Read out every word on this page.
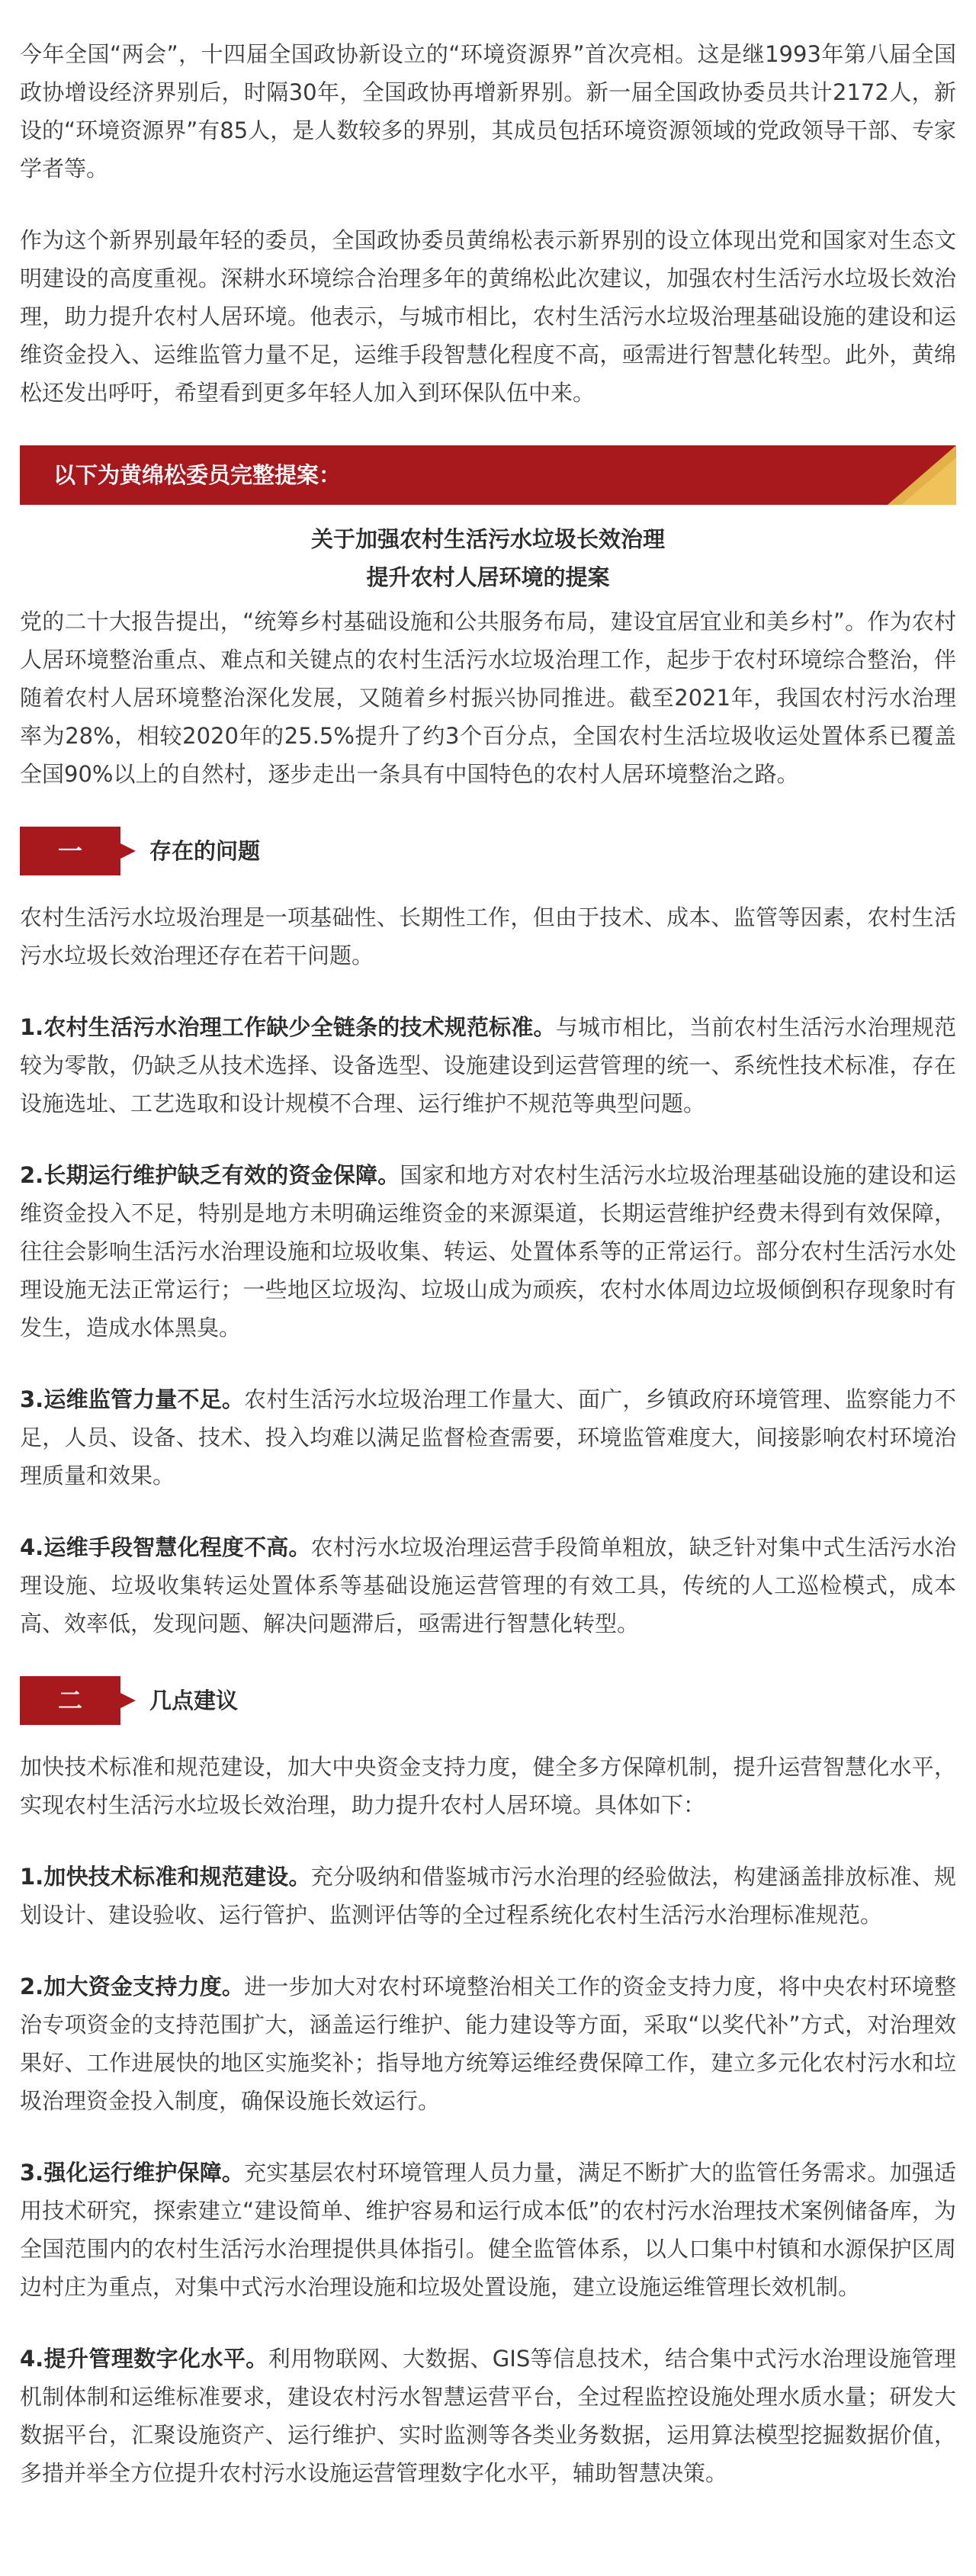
今年全国“两会”，十四届全国政协新设立的“环境资源界”首次亮相。这是继1993年第八届全国政协增设经济界别后，时隔30年，全国政协再增新界别。新一届全国政协委员共计2172人，新设的“环境资源界”有85人，是人数较多的界别，其成员包括环境资源领域的党政领导干部、专家学者等。

作为这个新界别最年轻的委员，全国政协委员黄绵松表示新界别的设立体现出党和国家对生态文明建设的高度重视。深耕水环境综合治理多年的黄绵松此次建议，加强农村生活污水垃圾长效治理，助力提升农村人居环境。他表示，与城市相比，农村生活污水垃圾治理基础设施的建设和运维资金投入、运维监管力量不足，运维手段智慧化程度不高，亟需进行智慧化转型。此外，黄绵松还发出呼吁，希望看到更多年轻人加入到环保队伍中来。

以下为黄绵松委员完整提案：
关于加强农村生活污水垃圾长效治理
提升农村人居环境的提案

党的二十大报告提出，“统筹乡村基础设施和公共服务布局，建设宜居宜业和美乡村”。作为农村人居环境整治重点、难点和关键点的农村生活污水垃圾治理工作，起步于农村环境综合整治，伴随着农村人居环境整治深化发展，又随着乡村振兴协同推进。截至2021年，我国农村污水治理率为28%，相较2020年的25.5%提升了约3个百分点，全国农村生活垃圾收运处置体系已覆盖全国90%以上的自然村，逐步走出一条具有中国特色的农村人居环境整治之路。

一	存在的问题

农村生活污水垃圾治理是一项基础性、长期性工作，但由于技术、成本、监管等因素，农村生活污水垃圾长效治理还存在若干问题。

1.农村生活污水治理工作缺少全链条的技术规范标准。与城市相比，当前农村生活污水治理规范较为零散，仍缺乏从技术选择、设备选型、设施建设到运营管理的统一、系统性技术标准，存在设施选址、工艺选取和设计规模不合理、运行维护不规范等典型问题。

2.长期运行维护缺乏有效的资金保障。国家和地方对农村生活污水垃圾治理基础设施的建设和运维资金投入不足，特别是地方未明确运维资金的来源渠道，长期运营维护经费未得到有效保障，往往会影响生活污水治理设施和垃圾收集、转运、处置体系等的正常运行。部分农村生活污水处理设施无法正常运行；一些地区垃圾沟、垃圾山成为顽疾，农村水体周边垃圾倾倒积存现象时有发生，造成水体黑臭。

3.运维监管力量不足。农村生活污水垃圾治理工作量大、面广，乡镇政府环境管理、监察能力不足，人员、设备、技术、投入均难以满足监督检查需要，环境监管难度大，间接影响农村环境治理质量和效果。

4.运维手段智慧化程度不高。农村污水垃圾治理运营手段简单粗放，缺乏针对集中式生活污水治理设施、垃圾收集转运处置体系等基础设施运营管理的有效工具，传统的人工巡检模式，成本高、效率低，发现问题、解决问题滞后，亟需进行智慧化转型。

二	几点建议

加快技术标准和规范建设，加大中央资金支持力度，健全多方保障机制，提升运营智慧化水平，实现农村生活污水垃圾长效治理，助力提升农村人居环境。具体如下：

1.加快技术标准和规范建设。充分吸纳和借鉴城市污水治理的经验做法，构建涵盖排放标准、规划设计、建设验收、运行管护、监测评估等的全过程系统化农村生活污水治理标准规范。

2.加大资金支持力度。进一步加大对农村环境整治相关工作的资金支持力度，将中央农村环境整治专项资金的支持范围扩大，涵盖运行维护、能力建设等方面，采取“以奖代补”方式，对治理效果好、工作进展快的地区实施奖补；指导地方统筹运维经费保障工作，建立多元化农村污水和垃圾治理资金投入制度，确保设施长效运行。

3.强化运行维护保障。充实基层农村环境管理人员力量，满足不断扩大的监管任务需求。加强适用技术研究，探索建立“建设简单、维护容易和运行成本低”的农村污水治理技术案例储备库，为全国范围内的农村生活污水治理提供具体指引。健全监管体系，以人口集中村镇和水源保护区周边村庄为重点，对集中式污水治理设施和垃圾处置设施，建立设施运维管理长效机制。

4.提升管理数字化水平。利用物联网、大数据、GIS等信息技术，结合集中式污水治理设施管理机制体制和运维标准要求，建设农村污水智慧运营平台，全过程监控设施处理水质水量；研发大数据平台，汇聚设施资产、运行维护、实时监测等各类业务数据，运用算法模型挖掘数据价值，多措并举全方位提升农村污水设施运营管理数字化水平，辅助智慧决策。
